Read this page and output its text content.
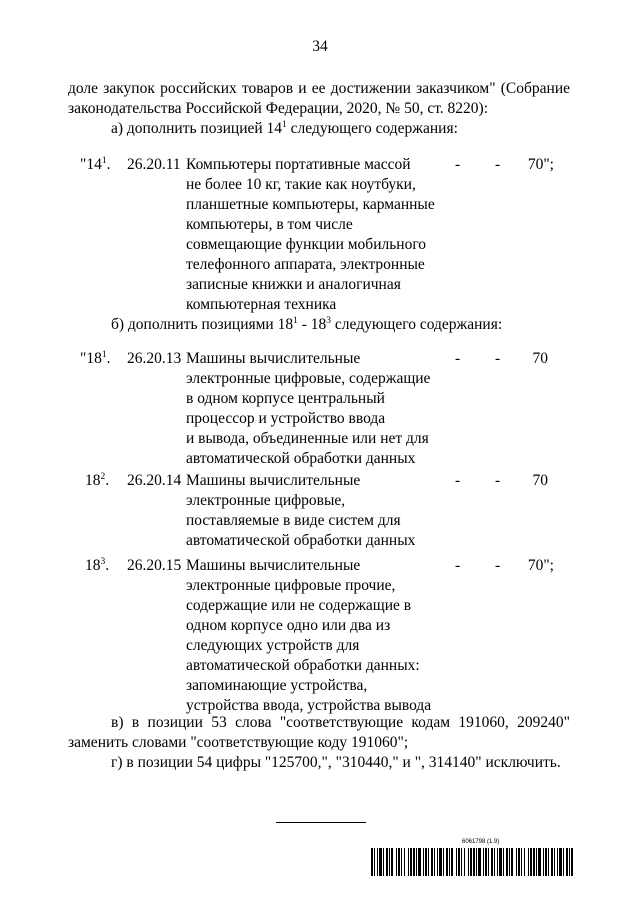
34
доле закупок российских товаров и ее достижении заказчиком" (Собрание
законодательства Российской Федерации, 2020, № 50, ст. 8220):
а) дополнить позицией $14^1$ следующего содержания:
"$14^1$. 26.20.11 Компьютеры портативные массой
не более 10 кг, такие как ноутбуки,
планшетные компьютеры, карманные
компьютеры, в том числе
совмещающие функции мобильного
телефонного аппарата, электронные
записные книжки и аналогичная
компьютерная техника
- - 70";
б) дополнить позициями $18^1 - 18^3$ следующего содержания:
"$18^1$. 26.20.13 Машины вычислительные
электронные цифровые, содержащие
в одном корпусе центральный
процессор и устройство ввода
и вывода, объединенные или нет для
автоматической обработки данных
- - 70
$18^2$. 26.20.14 Машины вычислительные
электронные цифровые,
поставляемые в виде систем для
автоматической обработки данных
- - 70
$18^3$. 26.20.15 Машины вычислительные
электронные цифровые прочие,
содержащие или не содержащие в
одном корпусе одно или два из
следующих устройств для
автоматической обработки данных:
запоминающие устройства,
устройства ввода, устройства вывода
- - 70";
в) в позиции 53 слова "соответствующие кодам 191060, 209240"
заменить словами "соответствующие коду 191060";
г) в позиции 54 цифры "125700,", "310440," и ", 314140" исключить.
6061798 (1.9)
